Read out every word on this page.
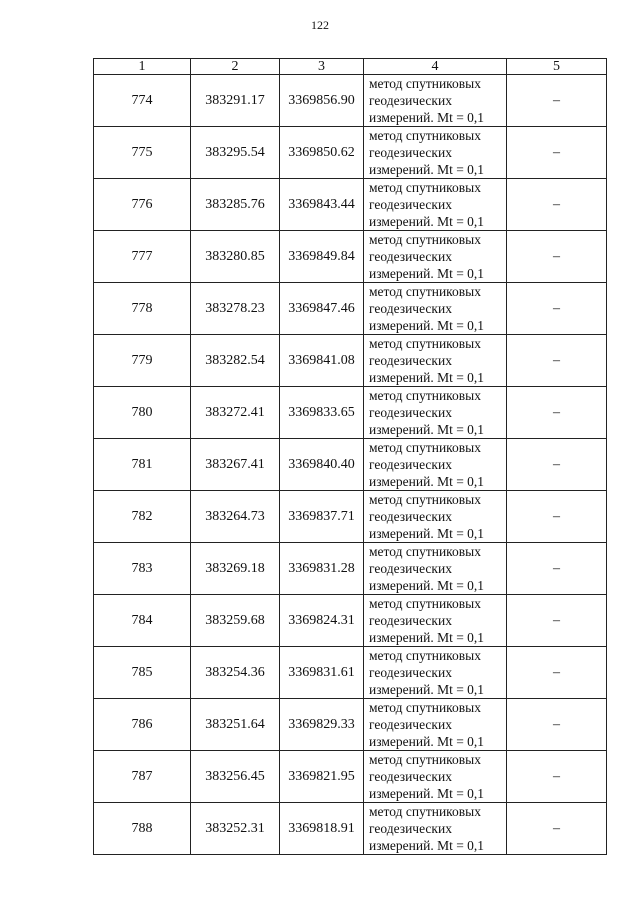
122
1	2	3	4	5
774	383291.17	3369856.90	метод спутниковых
геодезических
измерений. Mt = 0,1	–
775	383295.54	3369850.62	метод спутниковых
геодезических
измерений. Mt = 0,1	–
776	383285.76	3369843.44	метод спутниковых
геодезических
измерений. Mt = 0,1	–
777	383280.85	3369849.84	метод спутниковых
геодезических
измерений. Mt = 0,1	–
778	383278.23	3369847.46	метод спутниковых
геодезических
измерений. Mt = 0,1	–
779	383282.54	3369841.08	метод спутниковых
геодезических
измерений. Mt = 0,1	–
780	383272.41	3369833.65	метод спутниковых
геодезических
измерений. Mt = 0,1	–
781	383267.41	3369840.40	метод спутниковых
геодезических
измерений. Mt = 0,1	–
782	383264.73	3369837.71	метод спутниковых
геодезических
измерений. Mt = 0,1	–
783	383269.18	3369831.28	метод спутниковых
геодезических
измерений. Mt = 0,1	–
784	383259.68	3369824.31	метод спутниковых
геодезических
измерений. Mt = 0,1	–
785	383254.36	3369831.61	метод спутниковых
геодезических
измерений. Mt = 0,1	–
786	383251.64	3369829.33	метод спутниковых
геодезических
измерений. Mt = 0,1	–
787	383256.45	3369821.95	метод спутниковых
геодезических
измерений. Mt = 0,1	–
788	383252.31	3369818.91	метод спутниковых
геодезических
измерений. Mt = 0,1	–
